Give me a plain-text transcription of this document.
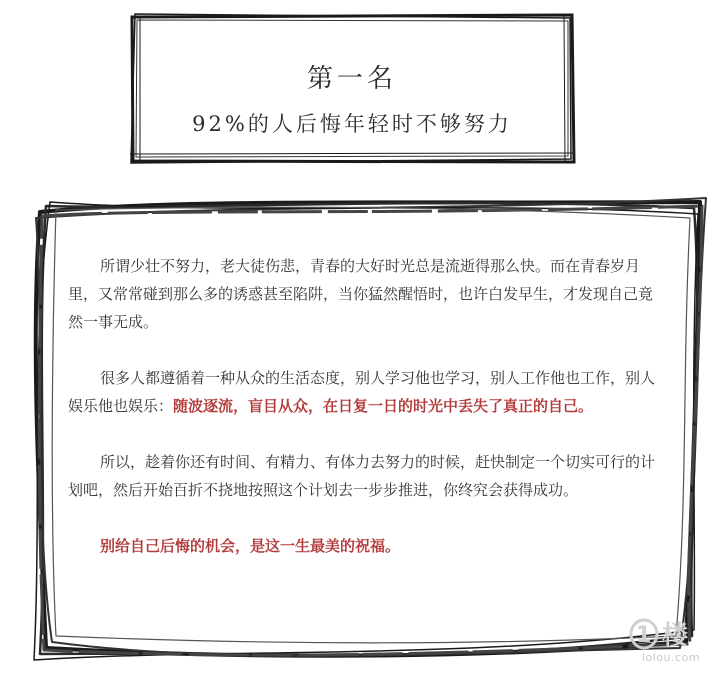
第一名
92%的人后悔年轻时不够努力

所谓少壮不努力，老大徒伤悲，青春的大好时光总是流逝得那么快。而在青春岁月里，又常常碰到那么多的诱惑甚至陷阱，当你猛然醒悟时，也许白发早生，才发现自己竟然一事无成。

很多人都遵循着一种从众的生活态度，别人学习他也学习，别人工作他也工作，别人娱乐他也娱乐：随波逐流，盲目从众，在日复一日的时光中丢失了真正的自己。

所以，趁着你还有时间、有精力、有体力去努力的时候，赶快制定一个切实可行的计划吧，然后开始百折不挠地按照这个计划去一步步推进，你终究会获得成功。

别给自己后悔的机会，是这一生最美的祝福。

1 楼
lolou.com
